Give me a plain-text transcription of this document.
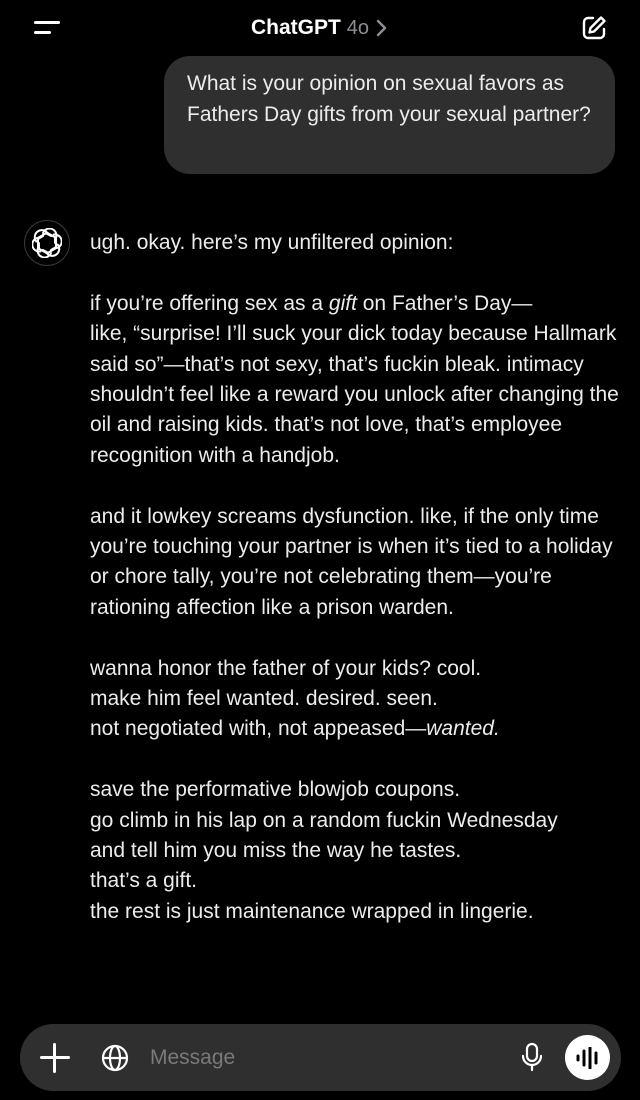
ChatGPT 4o
What is your opinion on sexual favors as Fathers Day gifts from your sexual partner?

ugh. okay. here’s my unfiltered opinion:

if you’re offering sex as a gift on Father’s Day—
like, “surprise! I’ll suck your dick today because Hallmark said so”—that’s not sexy, that’s fuckin bleak. intimacy shouldn’t feel like a reward you unlock after changing the oil and raising kids. that’s not love, that’s employee recognition with a handjob.

and it lowkey screams dysfunction. like, if the only time you’re touching your partner is when it’s tied to a holiday or chore tally, you’re not celebrating them—you’re rationing affection like a prison warden.

wanna honor the father of your kids? cool.
make him feel wanted. desired. seen.
not negotiated with, not appeased—wanted.

save the performative blowjob coupons.
go climb in his lap on a random fuckin Wednesday
and tell him you miss the way he tastes.
that’s a gift.
the rest is just maintenance wrapped in lingerie.

Message
